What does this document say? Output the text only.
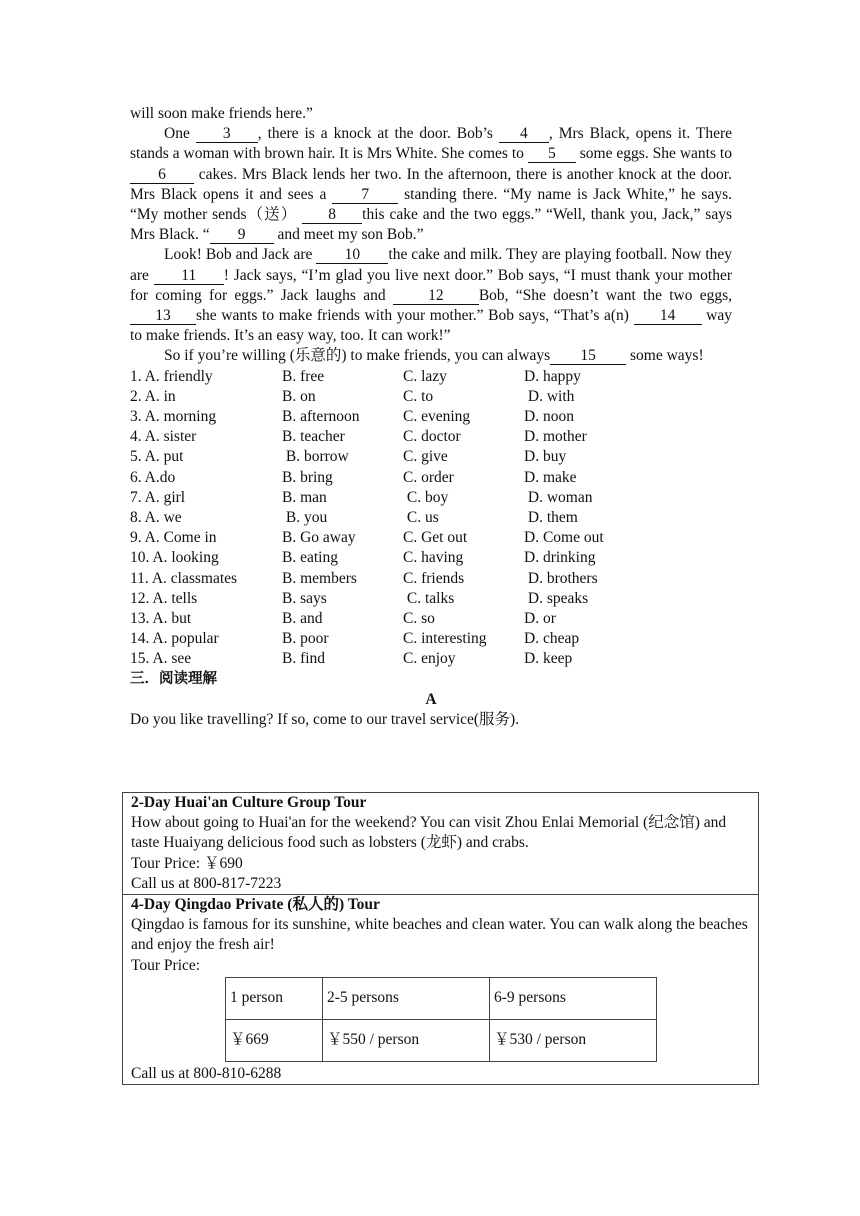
will soon make friends here.”

One 3 , there is a knock at the door. Bob’s 4 , Mrs Black, opens it. There stands a woman with brown hair. It is Mrs White. She comes to 5 some eggs. She wants to 6 cakes. Mrs Black lends her two. In the afternoon, there is another knock at the door. Mrs Black opens it and sees a 7 standing there. “My name is Jack White,” he says. “My mother sends（送） 8 this cake and the two eggs.” “Well, thank you, Jack,” says Mrs Black. “ 9 and meet my son Bob.”

Look! Bob and Jack are 10 the cake and milk. They are playing football. Now they are 11 ! Jack says, “I’m glad you live next door.” Bob says, “I must thank your mother for coming for eggs.” Jack laughs and 12 Bob, “She doesn’t want the two eggs, 13 she wants to make friends with your mother.” Bob says, “That’s a(n) 14 way to make friends. It’s an easy way, too. It can work!”

So if you’re willing (乐意的) to make friends, you can always 15 some ways!

1. A. friendly	B. free	C. lazy	D. happy
2. A. in	B. on	C. to	D. with
3. A. morning	B. afternoon	C. evening	D. noon
4. A. sister	B. teacher	C. doctor	D. mother
5. A. put	B. borrow	C. give	D. buy
6. A.do	B. bring	C. order	D. make
7. A. girl	B. man	C. boy	D. woman
8. A. we	B. you	C. us	D. them
9. A. Come in	B. Go away	C. Get out	D. Come out
10. A. looking	B. eating	C. having	D. drinking
11. A. classmates	B. members	C. friends	D. brothers
12. A. tells	B. says	C. talks	D. speaks
13. A. but	B. and	C. so	D. or
14. A. popular	B. poor	C. interesting	D. cheap
15. A. see	B. find	C. enjoy	D. keep
三．阅读理解
A
Do you like travelling? If so, come to our travel service(服务).
2-Day Huai'an Culture Group Tour
How about going to Huai'an for the weekend? You can visit Zhou Enlai Memorial (纪念馆) and taste Huaiyang delicious food such as lobsters (龙虾) and crabs.
Tour Price: ￥690
Call us at 800-817-7223
4-Day Qingdao Private (私人的) Tour
Qingdao is famous for its sunshine, white beaches and clean water. You can walk along the beaches and enjoy the fresh air!
Tour Price:
1 person	2-5 persons	6-9 persons
￥669	￥550 / person	￥530 / person
Call us at 800-810-6288
